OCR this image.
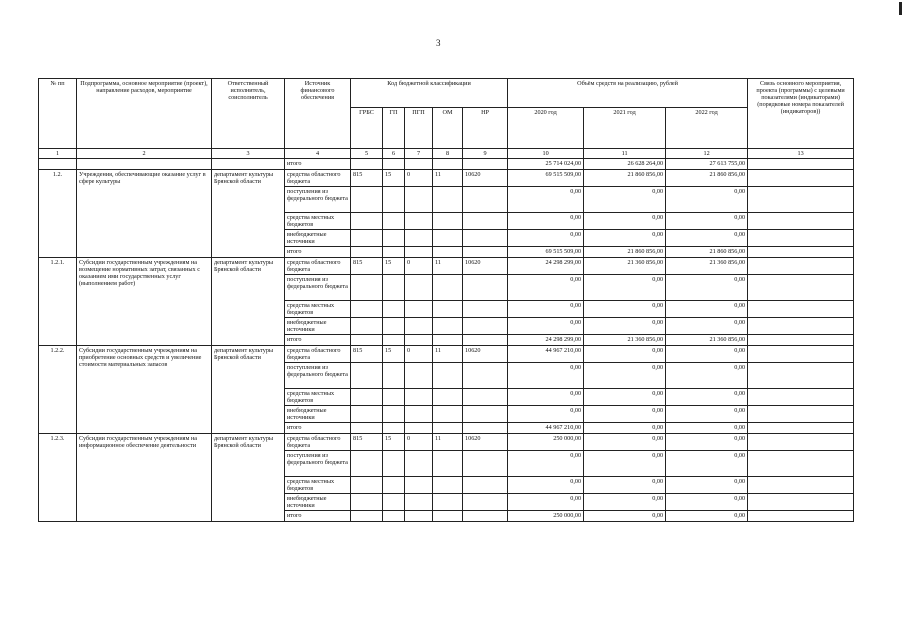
3
№ пп	Подпрограмма, основное мероприятие (проект), направление расходов, мероприятие	Ответственный исполнитель, соисполнитель	Источник финансового обеспечения	Код бюджетной классификации					Объём средств на реализацию, рублей			Связь основного мероприятия, проекта (программы) с целевыми показателями (индикаторами) (порядковые номера показателей (индикаторов))
				ГРБС	ГП	ПГП	ОМ	НР	2020 год	2021 год	2022 год	
1	2	3	4	5	6	7	8	9	10	11	12	13
			итого						25 714 024,00	26 628 264,00	27 613 755,00	
1.2.	Учреждения, обеспечивающие оказание услуг в сфере культуры	департамент культуры Брянской области	средства областного бюджета	815	15	0	11	10620	69 515 509,00	21 860 856,00	21 860 856,00	
			поступления из федерального бюджета						0,00	0,00	0,00	
			средства местных бюджетов						0,00	0,00	0,00	
			внебюджетные источники						0,00	0,00	0,00	
			итого						69 515 509,00	21 860 856,00	21 860 856,00	
1.2.1.	Субсидии государственным учреждениям на возмещение нормативных затрат, связанных с оказанием ими государственных услуг (выполнением работ)	департамент культуры Брянской области	средства областного бюджета	815	15	0	11	10620	24 298 299,00	21 360 856,00	21 360 856,00	
			поступления из федерального бюджета						0,00	0,00	0,00	
			средства местных бюджетов						0,00	0,00	0,00	
			внебюджетные источники						0,00	0,00	0,00	
			итого						24 298 299,00	21 360 856,00	21 360 856,00	
1.2.2.	Субсидии государственным учреждениям на приобретение основных средств и увеличение стоимости материальных запасов	департамент культуры Брянской области	средства областного бюджета	815	15	0	11	10620	44 967 210,00	0,00	0,00	
			поступления из федерального бюджета						0,00	0,00	0,00	
			средства местных бюджетов						0,00	0,00	0,00	
			внебюджетные источники						0,00	0,00	0,00	
			итого						44 967 210,00	0,00	0,00	
1.2.3.	Субсидии государственным учреждениям на информационное обеспечение деятельности	департамент культуры Брянской области	средства областного бюджета	815	15	0	11	10620	250 000,00	0,00	0,00	
			поступления из федерального бюджета						0,00	0,00	0,00	
			средства местных бюджетов						0,00	0,00	0,00	
			внебюджетные источники						0,00	0,00	0,00	
			итого						250 000,00	0,00	0,00	
